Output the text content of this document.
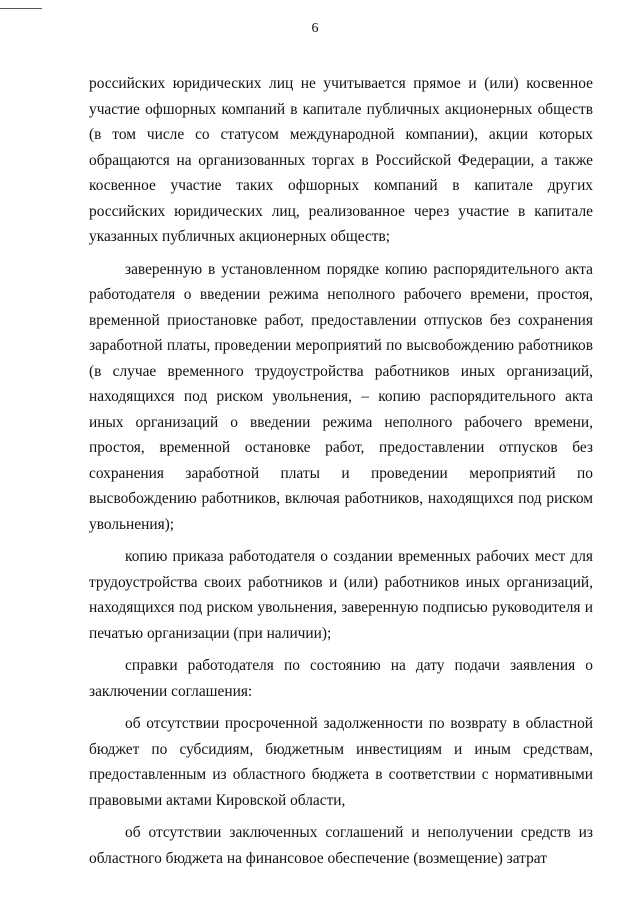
6

российских юридических лиц не учитывается прямое и (или) косвенное участие офшорных компаний в капитале публичных акционерных обществ (в том числе со статусом международной компании), акции которых обращаются на организованных торгах в Российской Федерации, а также косвенное участие таких офшорных компаний в капитале других российских юридических лиц, реализованное через участие в капитале указанных публичных акционерных обществ;

заверенную в установленном порядке копию распорядительного акта работодателя о введении режима неполного рабочего времени, простоя, временной приостановке работ, предоставлении отпусков без сохранения заработной платы, проведении мероприятий по высвобождению работников (в случае временного трудоустройства работников иных организаций, находящихся под риском увольнения, – копию распорядительного акта иных организаций о введении режима неполного рабочего времени, простоя, временной остановке работ, предоставлении отпусков без сохранения заработной платы и проведении мероприятий по высвобождению работников, включая работников, находящихся под риском увольнения);

копию приказа работодателя о создании временных рабочих мест для трудоустройства своих работников и (или) работников иных организаций, находящихся под риском увольнения, заверенную подписью руководителя и печатью организации (при наличии);

справки работодателя по состоянию на дату подачи заявления о заключении соглашения:

об отсутствии просроченной задолженности по возврату в областной бюджет по субсидиям, бюджетным инвестициям и иным средствам, предоставленным из областного бюджета в соответствии с нормативными правовыми актами Кировской области,

об отсутствии заключенных соглашений и неполучении средств из областного бюджета на финансовое обеспечение (возмещение) затрат
